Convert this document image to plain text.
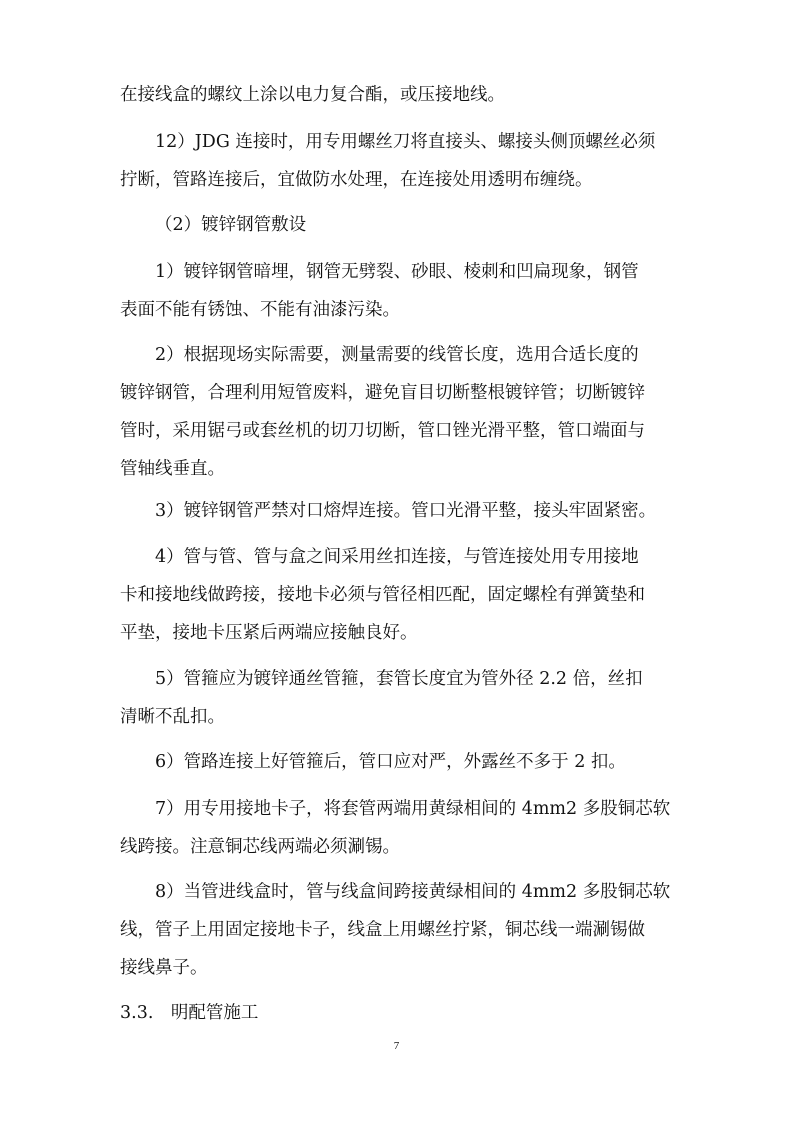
在接线盒的螺纹上涂以电力复合酯，或压接地线。
12）JDG 连接时，用专用螺丝刀将直接头、螺接头侧顶螺丝必须
拧断，管路连接后，宜做防水处理，在连接处用透明布缠绕。
（2）镀锌钢管敷设
1）镀锌钢管暗埋，钢管无劈裂、砂眼、棱刺和凹扁现象，钢管
表面不能有锈蚀、不能有油漆污染。
2）根据现场实际需要，测量需要的线管长度，选用合适长度的
镀锌钢管，合理利用短管废料，避免盲目切断整根镀锌管；切断镀锌
管时，采用锯弓或套丝机的切刀切断，管口锉光滑平整，管口端面与
管轴线垂直。
3）镀锌钢管严禁对口熔焊连接。管口光滑平整，接头牢固紧密。
4）管与管、管与盒之间采用丝扣连接，与管连接处用专用接地
卡和接地线做跨接，接地卡必须与管径相匹配，固定螺栓有弹簧垫和
平垫，接地卡压紧后两端应接触良好。
5）管箍应为镀锌通丝管箍，套管长度宜为管外径 2.2 倍，丝扣
清晰不乱扣。
6）管路连接上好管箍后，管口应对严，外露丝不多于 2 扣。
7）用专用接地卡子，将套管两端用黄绿相间的 4mm2 多股铜芯软
线跨接。注意铜芯线两端必须涮锡。
8）当管进线盒时，管与线盒间跨接黄绿相间的 4mm2 多股铜芯软
线，管子上用固定接地卡子，线盒上用螺丝拧紧，铜芯线一端涮锡做
接线鼻子。
3.3.　明配管施工
7
